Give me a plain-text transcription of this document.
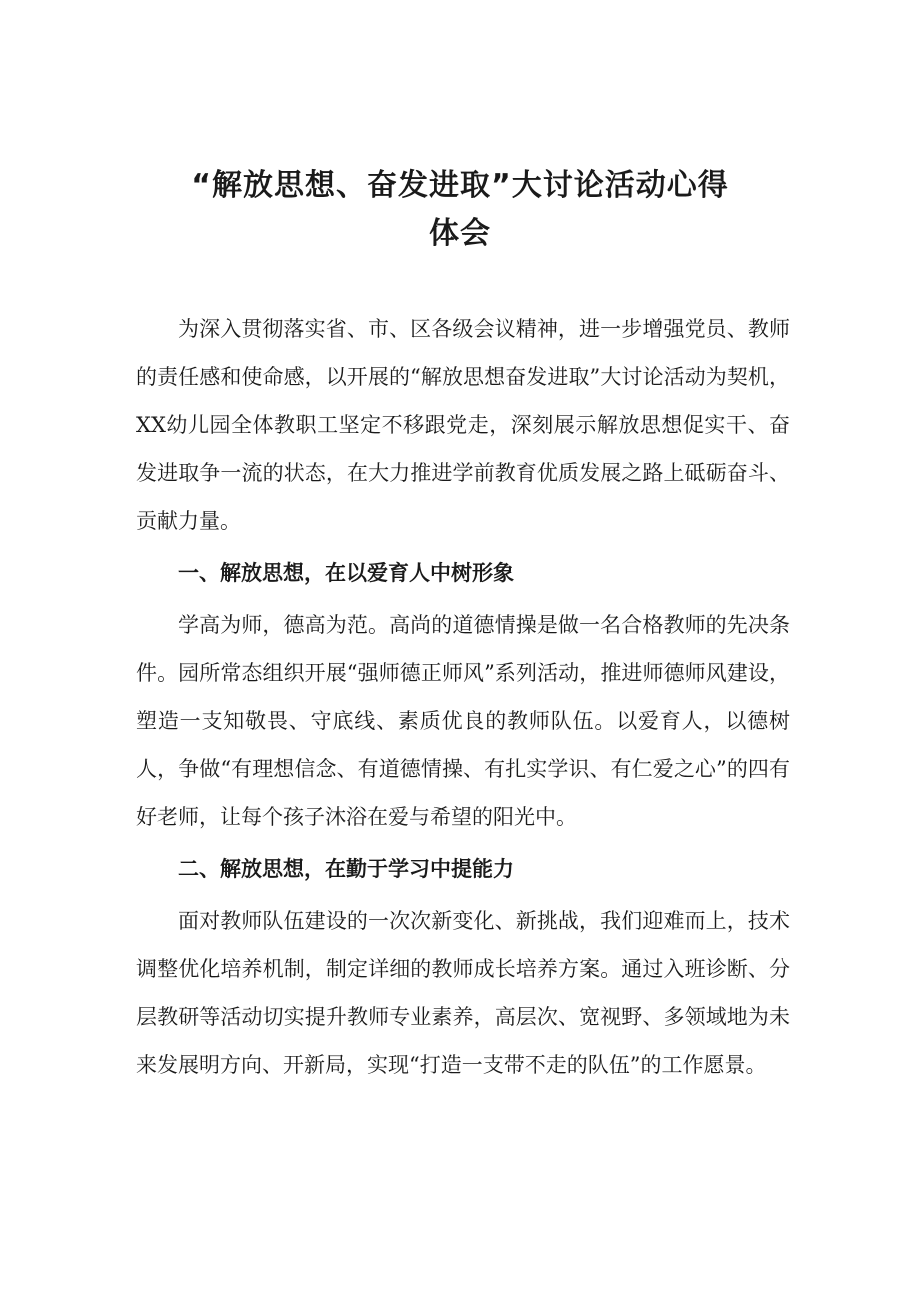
“解放思想、奋发进取”大讨论活动心得
体会

为深入贯彻落实省、市、区各级会议精神，进一步增强党员、教师的责任感和使命感，以开展的“解放思想奋发进取”大讨论活动为契机，XX幼儿园全体教职工坚定不移跟党走，深刻展示解放思想促实干、奋发进取争一流的状态，在大力推进学前教育优质发展之路上砥砺奋斗、贡献力量。

一、解放思想，在以爱育人中树形象

学高为师，德高为范。高尚的道德情操是做一名合格教师的先决条件。园所常态组织开展“强师德正师风”系列活动，推进师德师风建设，塑造一支知敬畏、守底线、素质优良的教师队伍。以爱育人，以德树人，争做“有理想信念、有道德情操、有扎实学识、有仁爱之心”的四有好老师，让每个孩子沐浴在爱与希望的阳光中。

二、解放思想，在勤于学习中提能力

面对教师队伍建设的一次次新变化、新挑战，我们迎难而上，技术调整优化培养机制，制定详细的教师成长培养方案。通过入班诊断、分层教研等活动切实提升教师专业素养，高层次、宽视野、多领域地为未来发展明方向、开新局，实现“打造一支带不走的队伍”的工作愿景。
